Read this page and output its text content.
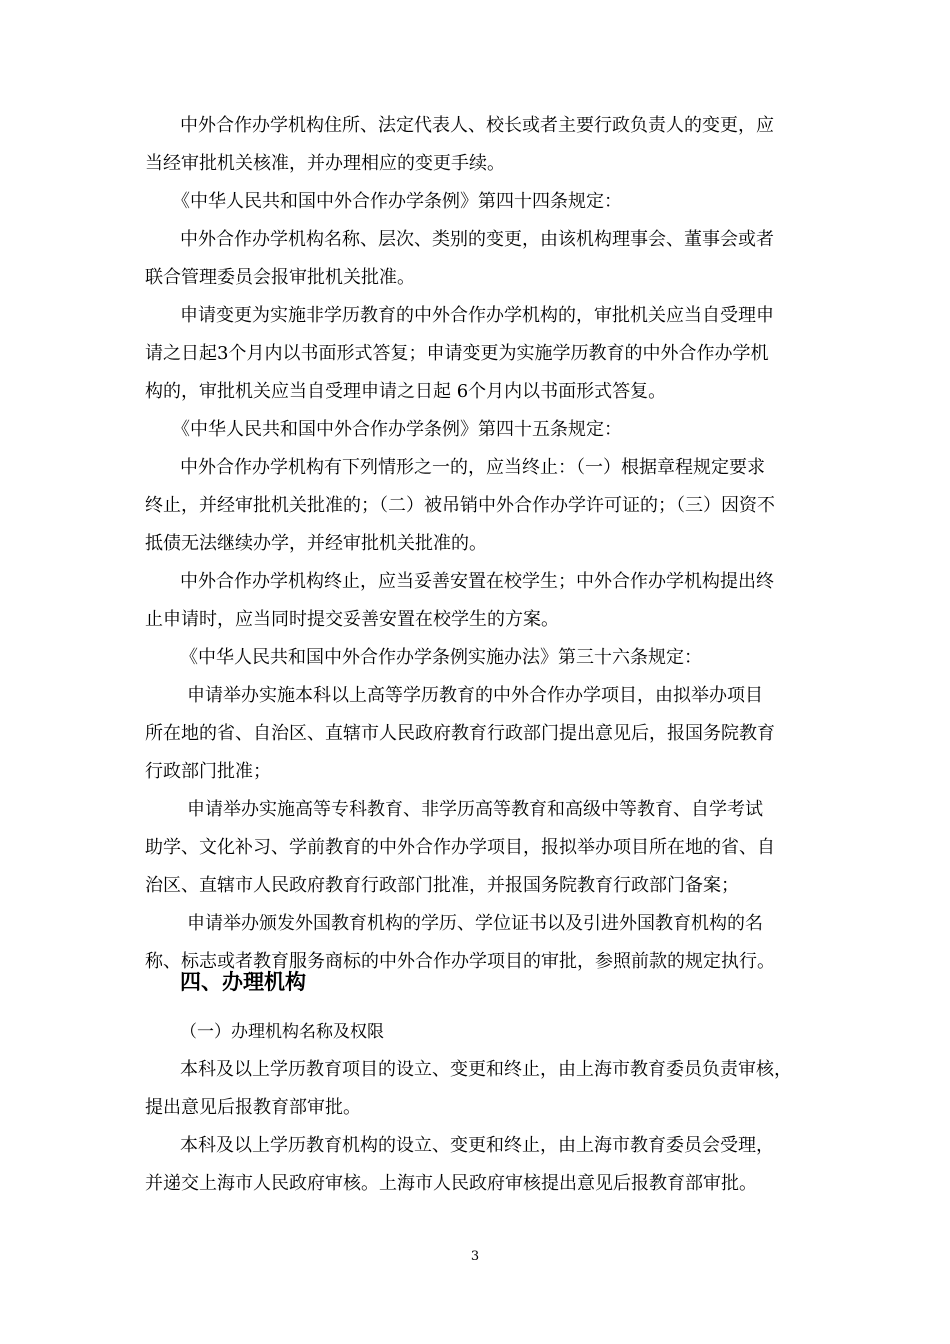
中外合作办学机构住所、法定代表人、校长或者主要行政负责人的变更，应
当经审批机关核准，并办理相应的变更手续。
《中华人民共和国中外合作办学条例》第四十四条规定：
中外合作办学机构名称、层次、类别的变更，由该机构理事会、董事会或者
联合管理委员会报审批机关批准。
申请变更为实施非学历教育的中外合作办学机构的，审批机关应当自受理申
请之日起3个月内以书面形式答复；申请变更为实施学历教育的中外合作办学机
构的，审批机关应当自受理申请之日起 6个月内以书面形式答复。
《中华人民共和国中外合作办学条例》第四十五条规定：
中外合作办学机构有下列情形之一的，应当终止：（一）根据章程规定要求
终止，并经审批机关批准的；（二）被吊销中外合作办学许可证的；（三）因资不
抵债无法继续办学，并经审批机关批准的。
中外合作办学机构终止，应当妥善安置在校学生；中外合作办学机构提出终
止申请时，应当同时提交妥善安置在校学生的方案。
《中华人民共和国中外合作办学条例实施办法》第三十六条规定：
申请举办实施本科以上高等学历教育的中外合作办学项目，由拟举办项目
所在地的省、自治区、直辖市人民政府教育行政部门提出意见后，报国务院教育
行政部门批准；
申请举办实施高等专科教育、非学历高等教育和高级中等教育、自学考试
助学、文化补习、学前教育的中外合作办学项目，报拟举办项目所在地的省、自
治区、直辖市人民政府教育行政部门批准，并报国务院教育行政部门备案；
申请举办颁发外国教育机构的学历、学位证书以及引进外国教育机构的名
称、标志或者教育服务商标的中外合作办学项目的审批，参照前款的规定执行。
四、办理机构
（一）办理机构名称及权限
本科及以上学历教育项目的设立、变更和终止，由上海市教育委员负责审核，
提出意见后报教育部审批。
本科及以上学历教育机构的设立、变更和终止，由上海市教育委员会受理，
并递交上海市人民政府审核。上海市人民政府审核提出意见后报教育部审批。
3
